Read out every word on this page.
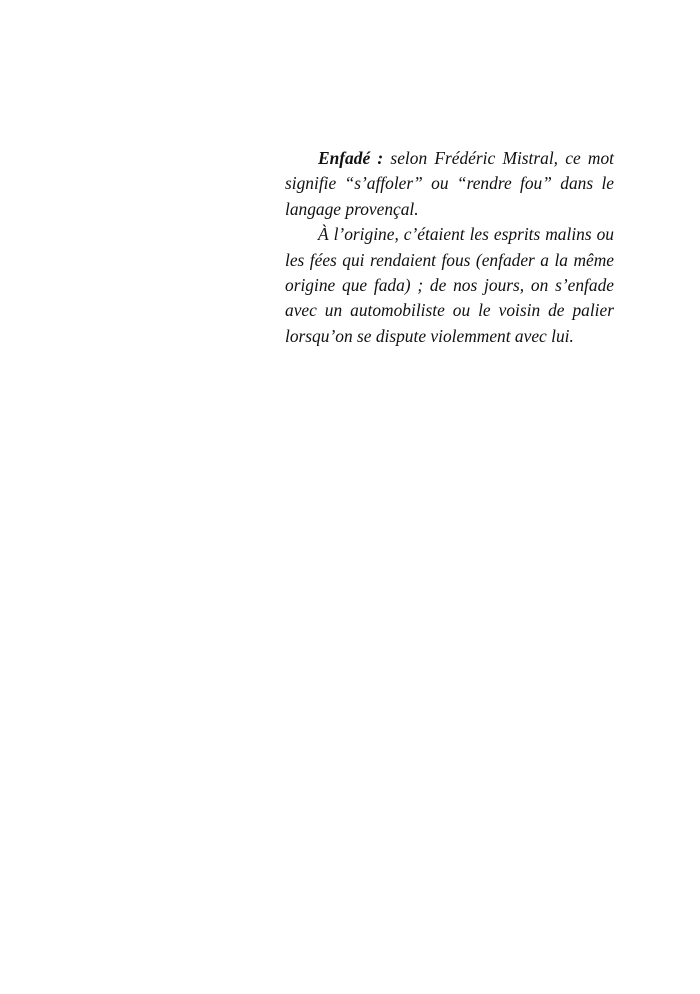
Enfadé : selon Frédéric Mistral, ce mot signifie “s’affoler” ou “rendre fou” dans le langage provençal.

À l’origine, c’étaient les esprits malins ou les fées qui rendaient fous (enfader a la même origine que fada) ; de nos jours, on s’enfade avec un automobiliste ou le voisin de palier lorsqu’on se dispute violemment avec lui.
